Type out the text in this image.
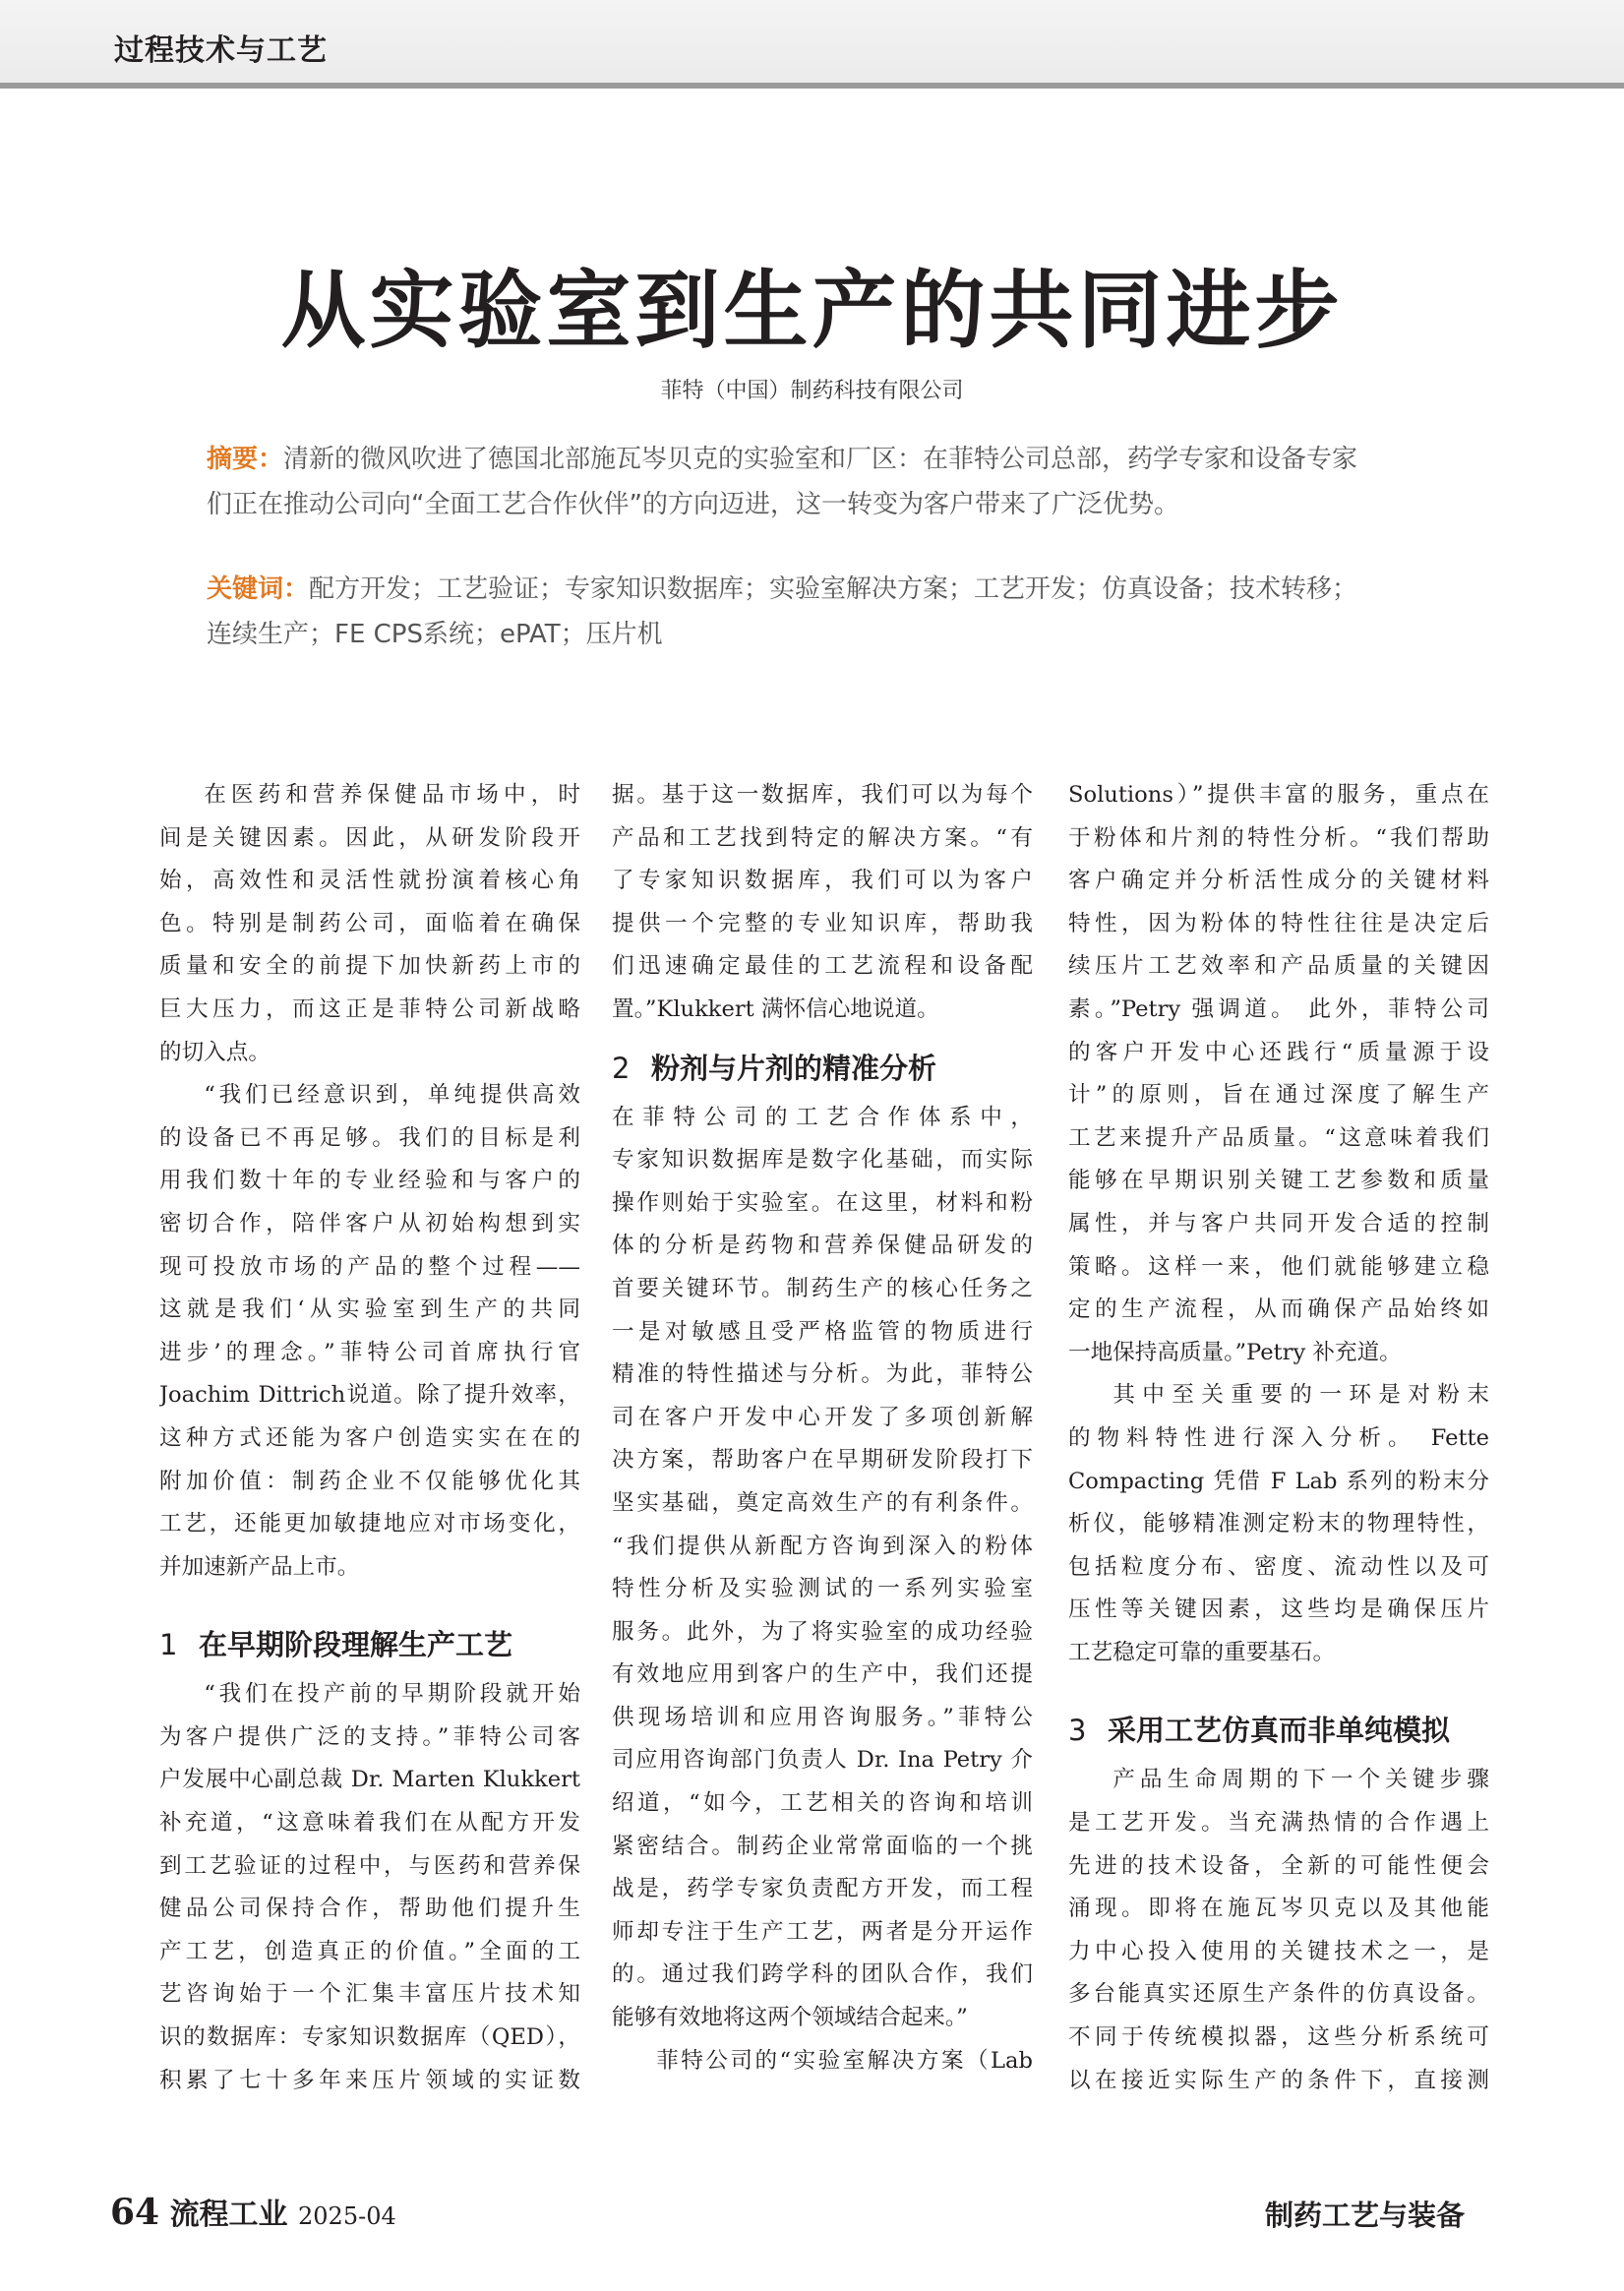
过程技术与工艺
从实验室到生产的共同进步
菲特（中国）制药科技有限公司
摘要：清新的微风吹进了德国北部施瓦岑贝克的实验室和厂区：在菲特公司总部，药学专家和设备专家
们正在推动公司向“全面工艺合作伙伴”的方向迈进，这一转变为客户带来了广泛优势。
关键词：配方开发；工艺验证；专家知识数据库；实验室解决方案；工艺开发；仿真设备；技术转移；
连续生产；FE CPS系统；ePAT；压片机
在医药和营养保健品市场中，时
间是关键因素。因此，从研发阶段开
始，高效性和灵活性就扮演着核心角
色。特别是制药公司，面临着在确保
质量和安全的前提下加快新药上市的
巨大压力，而这正是菲特公司新战略
的切入点。
“我们已经意识到，单纯提供高效
的设备已不再足够。我们的目标是利
用我们数十年的专业经验和与客户的
密切合作，陪伴客户从初始构想到实
现可投放市场的产品的整个过程——
这就是我们‘从实验室到生产的共同
进步’的理念。”菲特公司首席执行官
Joachim Dittrich说道。除了提升效率，
这种方式还能为客户创造实实在在的
附加价值：制药企业不仅能够优化其
工艺，还能更加敏捷地应对市场变化，
并加速新产品上市。
1 在早期阶段理解生产工艺
“我们在投产前的早期阶段就开始
为客户提供广泛的支持。”菲特公司客
户发展中心副总裁 Dr. Marten Klukkert
补充道，“这意味着我们在从配方开发
到工艺验证的过程中，与医药和营养保
健品公司保持合作，帮助他们提升生
产工艺，创造真正的价值。”全面的工
艺咨询始于一个汇集丰富压片技术知
识的数据库：专家知识数据库（QED），
积累了七十多年来压片领域的实证数
据。基于这一数据库，我们可以为每个
产品和工艺找到特定的解决方案。“有
了专家知识数据库，我们可以为客户
提供一个完整的专业知识库，帮助我
们迅速确定最佳的工艺流程和设备配
置。”Klukkert 满怀信心地说道。
2 粉剂与片剂的精准分析
在菲特公司的工艺合作体系中，
专家知识数据库是数字化基础，而实际
操作则始于实验室。在这里，材料和粉
体的分析是药物和营养保健品研发的
首要关键环节。制药生产的核心任务之
一是对敏感且受严格监管的物质进行
精准的特性描述与分析。为此，菲特公
司在客户开发中心开发了多项创新解
决方案，帮助客户在早期研发阶段打下
坚实基础，奠定高效生产的有利条件。
“我们提供从新配方咨询到深入的粉体
特性分析及实验测试的一系列实验室
服务。此外，为了将实验室的成功经验
有效地应用到客户的生产中，我们还提
供现场培训和应用咨询服务。”菲特公
司应用咨询部门负责人 Dr. Ina Petry 介
绍道，“如今，工艺相关的咨询和培训
紧密结合。制药企业常常面临的一个挑
战是，药学专家负责配方开发，而工程
师却专注于生产工艺，两者是分开运作
的。通过我们跨学科的团队合作，我们
能够有效地将这两个领域结合起来。”
菲特公司的“实验室解决方案（Lab
Solutions）”提供丰富的服务，重点在
于粉体和片剂的特性分析。“我们帮助
客户确定并分析活性成分的关键材料
特性，因为粉体的特性往往是决定后
续压片工艺效率和产品质量的关键因
素。”Petry 强调道。 此外，菲特公司
的客户开发中心还践行“质量源于设
计”的原则，旨在通过深度了解生产
工艺来提升产品质量。“这意味着我们
能够在早期识别关键工艺参数和质量
属性，并与客户共同开发合适的控制
策略。这样一来，他们就能够建立稳
定的生产流程，从而确保产品始终如
一地保持高质量。”Petry 补充道。
其中至关重要的一环是对粉末
的物料特性进行深入分析。 Fette
Compacting 凭借 F Lab 系列的粉末分
析仪，能够精准测定粉末的物理特性，
包括粒度分布、密度、流动性以及可
压性等关键因素，这些均是确保压片
工艺稳定可靠的重要基石。
3 采用工艺仿真而非单纯模拟
产品生命周期的下一个关键步骤
是工艺开发。当充满热情的合作遇上
先进的技术设备，全新的可能性便会
涌现。即将在施瓦岑贝克以及其他能
力中心投入使用的关键技术之一，是
多台能真实还原生产条件的仿真设备。
不同于传统模拟器，这些分析系统可
以在接近实际生产的条件下，直接测
64 流程工业 2025-04	制药工艺与装备
